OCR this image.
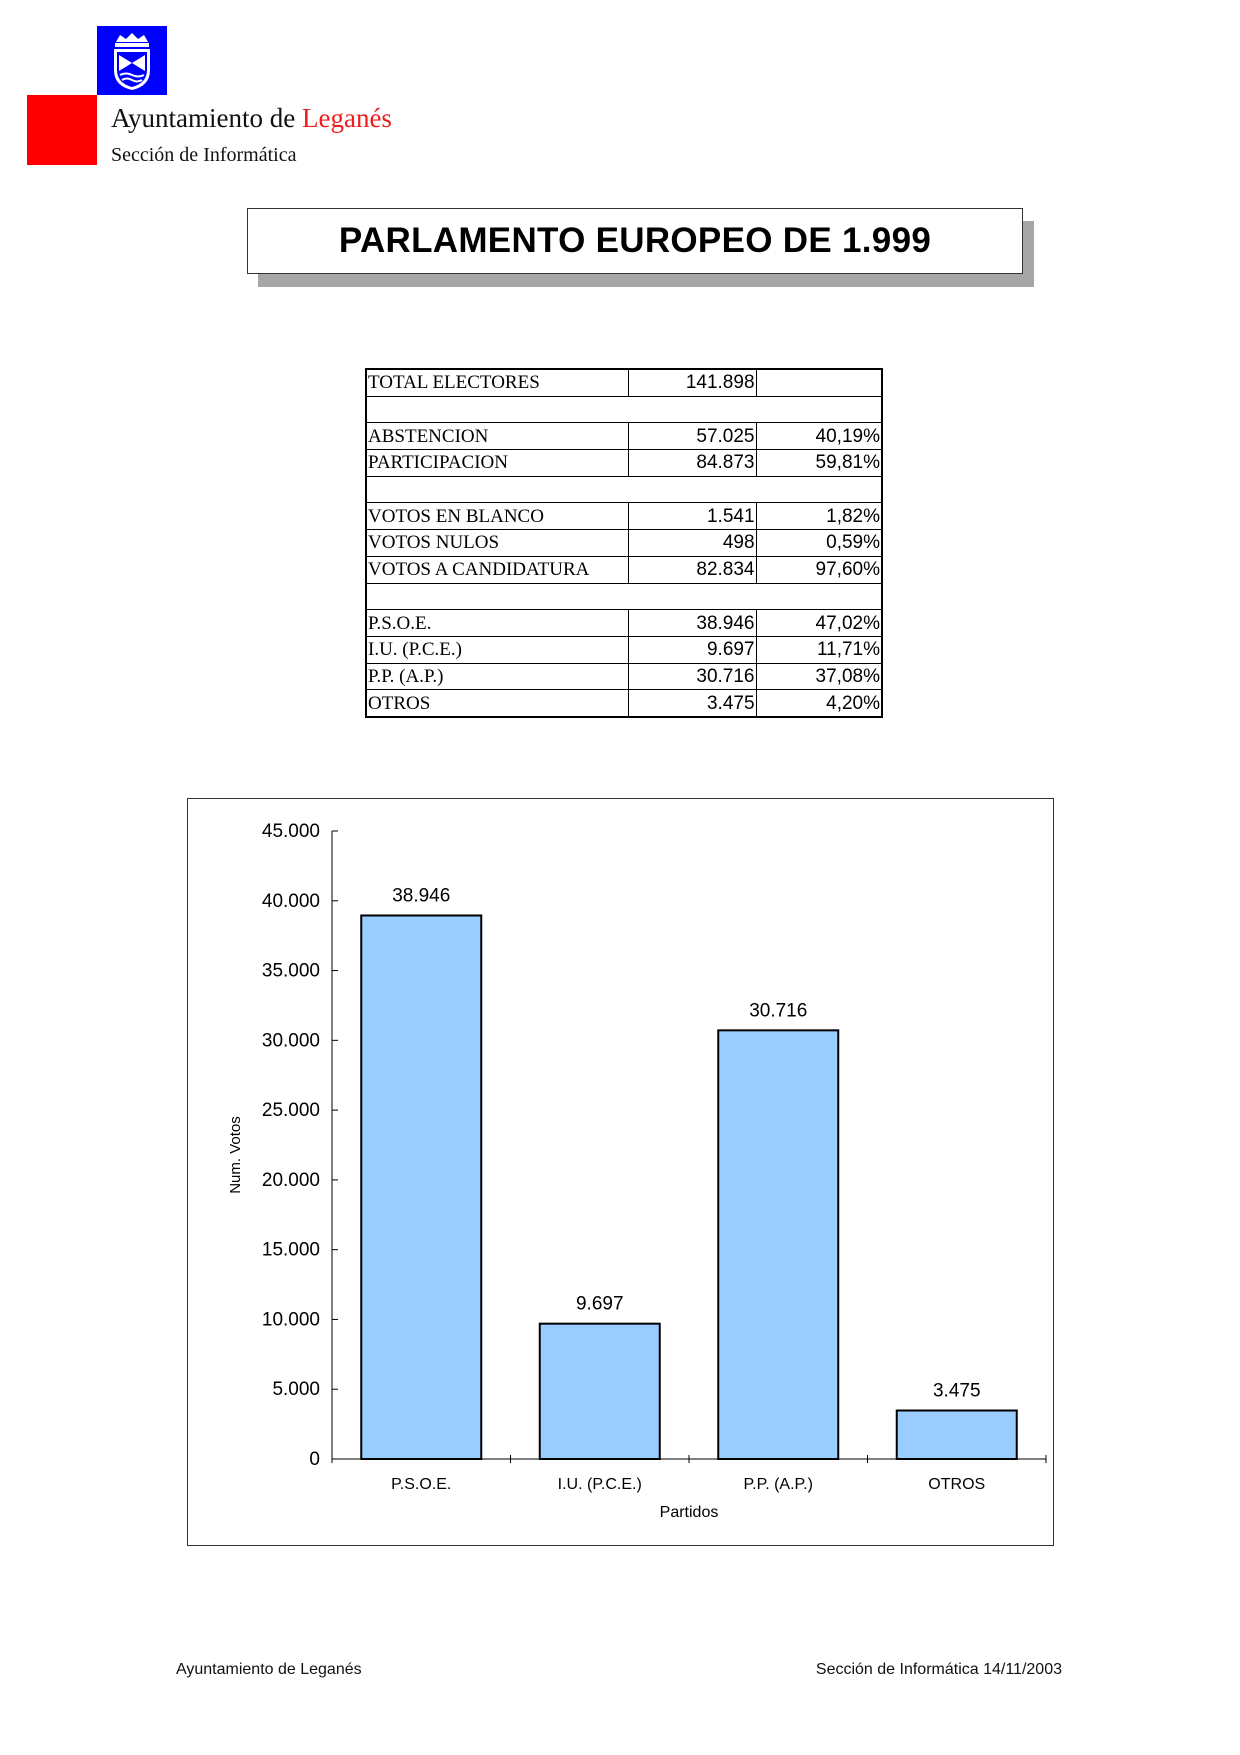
Ayuntamiento de Leganés
Sección de Informática
PARLAMENTO EUROPEO DE 1.999
TOTAL ELECTORES	141.898	

ABSTENCION	57.025	40,19%
PARTICIPACION	84.873	59,81%

VOTOS EN BLANCO	1.541	1,82%
VOTOS NULOS	498	0,59%
VOTOS A CANDIDATURA	82.834	97,60%

P.S.O.E.	38.946	47,02%
I.U. (P.C.E.)	9.697	11,71%
P.P. (A.P.)	30.716	37,08%
OTROS	3.475	4,20%
0
5.000
10.000
15.000
20.000
25.000
30.000
35.000
40.000
45.000
38.946
P.S.O.E.
9.697
I.U. (P.C.E.)
30.716
P.P. (A.P.)
3.475
OTROS
Partidos
Num. Votos
Ayuntamiento de Leganés	Sección de Informática 14/11/2003
